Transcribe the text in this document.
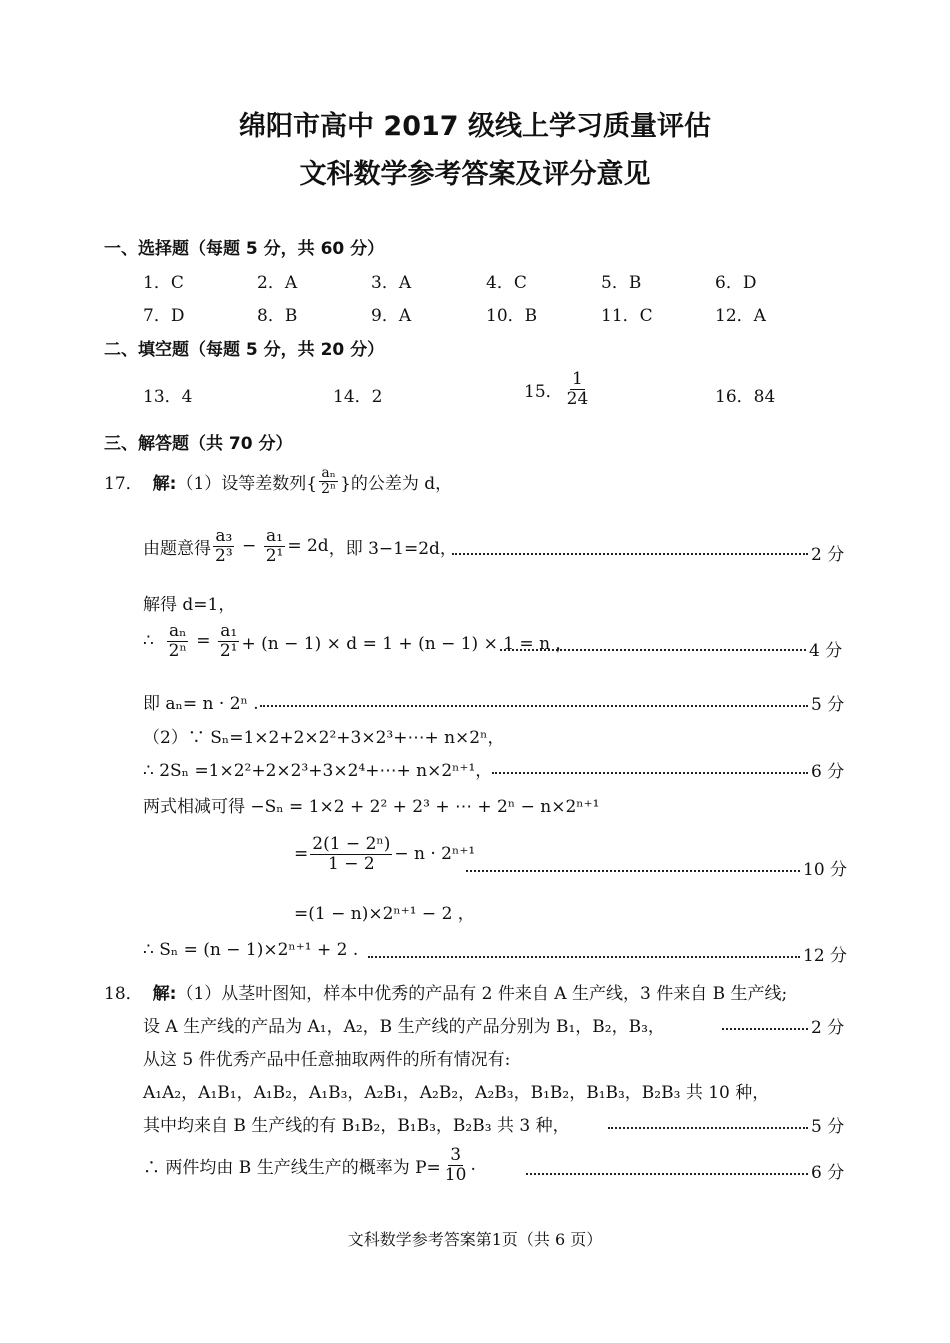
绵阳市高中 2017 级线上学习质量评估
文科数学参考答案及评分意见
一、选择题（每题 5 分，共 60 分）
1．C	2．A	3．A	4．C	5．B	6．D
7．D	8．B	9．A	10．B	11．C	12．A
二、填空题（每题 5 分，共 20 分）
13．4	14．2	15． $\frac{1}{24}$	16．84
三、解答题（共 70 分）
17． 解: （1）设等差数列{ $\frac{\text{aₙ}}{\text{2ⁿ}}$ }的公差为 d，
由题意得 $\frac{\text{a₃}}{\text{2³}} - \frac{\text{a₁}}{\text{2¹}} = 2d$ ，即 3−1=2d，	2 分
解得 d=1，
∴ $\frac{\text{aₙ}}{\text{2ⁿ}} = \frac{\text{a₁}}{\text{2¹}} + (n - 1) \times d = 1 + (n - 1) \times 1 = n$ ，	4 分
即 aₙ= n · 2ⁿ .	5 分
（2）∵ Sₙ=1×2+2×2²+3×2³+⋯+ n×2ⁿ，
∴ 2Sₙ =1×2²+2×2³+3×2⁴+⋯+ n×2ⁿ⁺¹，	6 分
两式相减可得 −Sₙ = 1×2 + 2² + 2³ + ⋯ + 2ⁿ − n×2ⁿ⁺¹
= $\frac{\text{2(1 − 2ⁿ)}}{1 - 2} - n \cdot 2^{n+1}$
10 分
=(1 − n)×2ⁿ⁺¹ − 2 ，
∴ Sₙ = (n − 1)×2ⁿ⁺¹ + 2 .	12 分
18． 解: （1）从茎叶图知，样本中优秀的产品有 2 件来自 A 生产线，3 件来自 B 生产线;
设 A 生产线的产品为 A₁，A₂，B 生产线的产品分别为 B₁，B₂，B₃，	2 分
从这 5 件优秀产品中任意抽取两件的所有情况有:
A₁A₂，A₁B₁，A₁B₂，A₁B₃，A₂B₁，A₂B₂，A₂B₃，B₁B₂，B₁B₃，B₂B₃ 共 10 种，
其中均来自 B 生产线的有 B₁B₂，B₁B₃，B₂B₃ 共 3 种，	5 分
∴ 两件均由 B 生产线生产的概率为 $P= \frac{3}{10}$ .	6 分
文科数学参考答案第1页（共 6 页）
